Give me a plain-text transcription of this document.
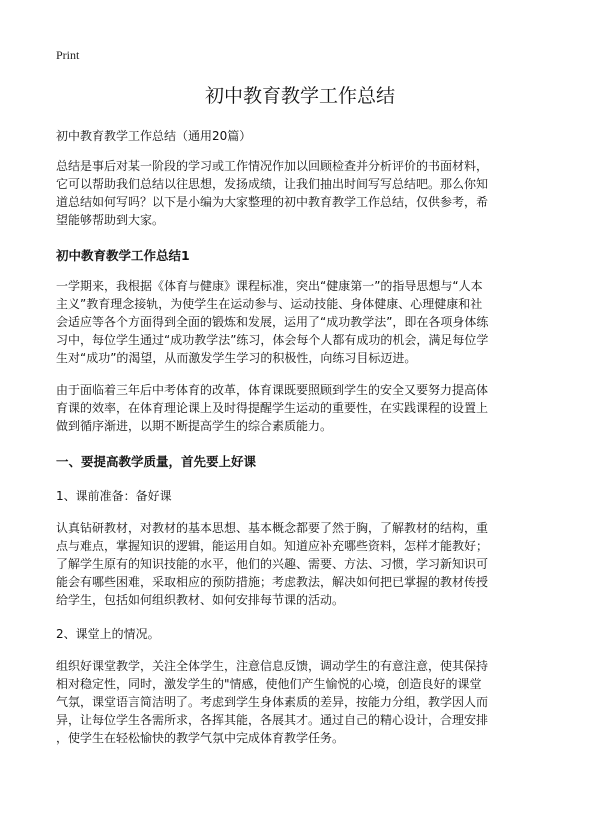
Print
初中教育教学工作总结
初中教育教学工作总结（通用20篇）
总结是事后对某一阶段的学习或工作情况作加以回顾检查并分析评价的书面材料，
它可以帮助我们总结以往思想，发扬成绩，让我们抽出时间写写总结吧。那么你知
道总结如何写吗？以下是小编为大家整理的初中教育教学工作总结，仅供参考，希
望能够帮助到大家。
初中教育教学工作总结1
一学期来，我根据《体育与健康》课程标准，突出“健康第一”的指导思想与“人本
主义”教育理念接轨，为使学生在运动参与、运动技能、身体健康、心理健康和社
会适应等各个方面得到全面的锻炼和发展，运用了“成功教学法”，即在各项身体练
习中，每位学生通过“成功教学法”练习，体会每个人都有成功的机会，满足每位学
生对“成功”的渴望，从而激发学生学习的积极性，向练习目标迈进。
由于面临着三年后中考体育的改革，体育课既要照顾到学生的安全又要努力提高体
育课的效率，在体育理论课上及时得提醒学生运动的重要性，在实践课程的设置上
做到循序渐进，以期不断提高学生的综合素质能力。
一、要提高教学质量，首先要上好课
1、课前准备：备好课
认真钻研教材，对教材的基本思想、基本概念都要了然于胸，了解教材的结构，重
点与难点，掌握知识的逻辑，能运用自如。知道应补充哪些资料，怎样才能教好；
了解学生原有的知识技能的水平，他们的兴趣、需要、方法、习惯，学习新知识可
能会有哪些困难，采取相应的预防措施；考虑教法，解决如何把已掌握的教材传授
给学生，包括如何组织教材、如何安排每节课的活动。
2、课堂上的情况。
组织好课堂教学，关注全体学生，注意信息反馈，调动学生的有意注意，使其保持
相对稳定性，同时，激发学生的"情感，使他们产生愉悦的心境，创造良好的课堂
气氛，课堂语言简洁明了。考虑到学生身体素质的差异，按能力分组，教学因人而
异，让每位学生各需所求，各挥其能，各展其才。通过自己的精心设计，合理安排
，使学生在轻松愉快的教学气氛中完成体育教学任务。
